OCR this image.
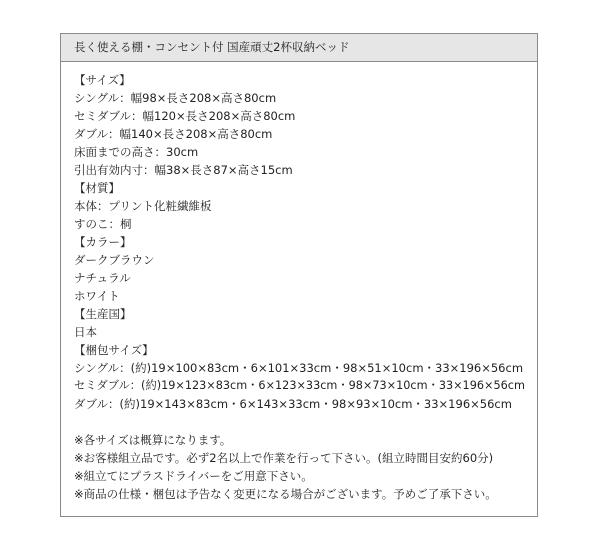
長く使える棚・コンセント付 国産頑丈2杯収納ベッド
【サイズ】
シングル：幅98×長さ208×高さ80cm
セミダブル：幅120×長さ208×高さ80cm
ダブル：幅140×長さ208×高さ80cm
床面までの高さ：30cm
引出有効内寸：幅38×長さ87×高さ15cm
【材質】
本体：プリント化粧繊維板
すのこ：桐
【カラー】
ダークブラウン
ナチュラル
ホワイト
【生産国】
日本
【梱包サイズ】
シングル：(約)19×100×83cm・6×101×33cm・98×51×10cm・33×196×56cm
セミダブル：(約)19×123×83cm・6×123×33cm・98×73×10cm・33×196×56cm
ダブル：(約)19×143×83cm・6×143×33cm・98×93×10cm・33×196×56cm
※各サイズは概算になります。
※お客様組立品です。必ず2名以上で作業を行って下さい。(組立時間目安約60分)
※組立てにプラスドライバーをご用意下さい。
※商品の仕様・梱包は予告なく変更になる場合がございます。予めご了承下さい。
